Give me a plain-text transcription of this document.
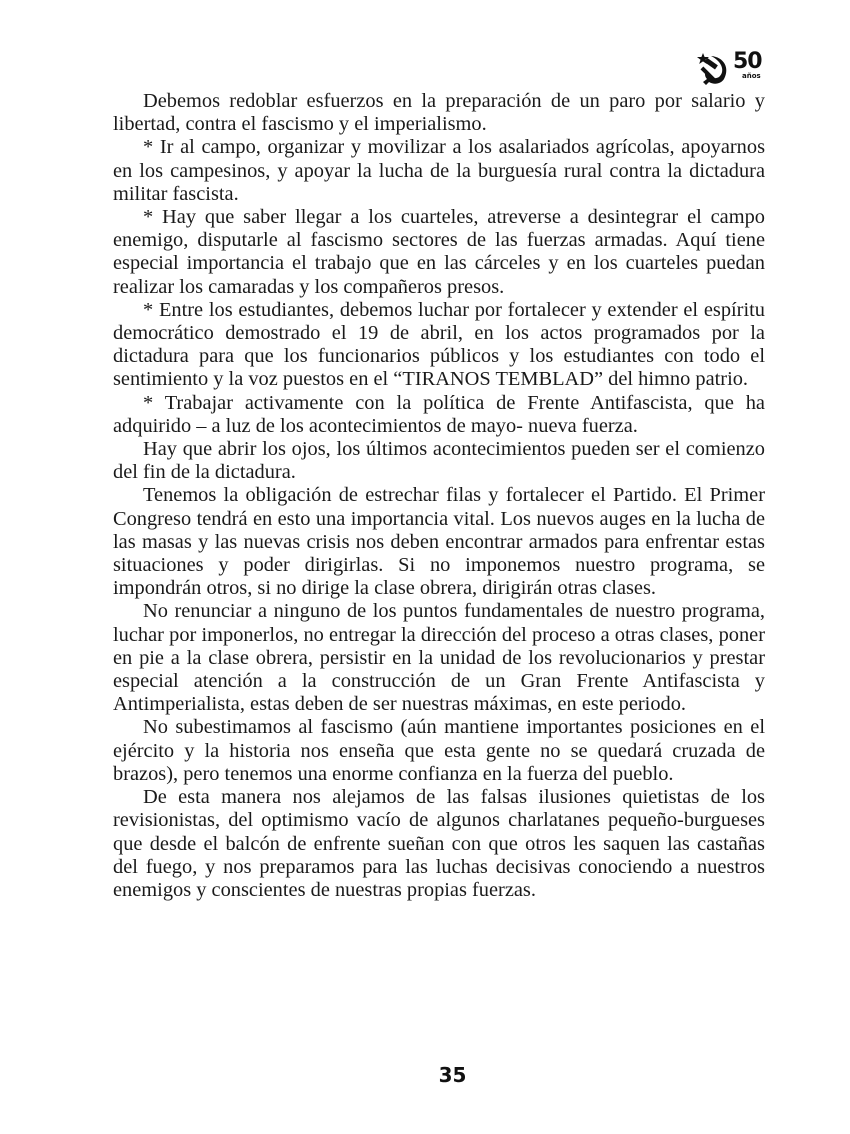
50
años

Debemos redoblar esfuerzos en la preparación de un paro por salario y libertad, contra el fascismo y el imperialismo.

* Ir al campo, organizar y movilizar a los asalariados agrícolas, apoyarnos en los campesinos, y apoyar la lucha de la burguesía rural contra la dictadura militar fascista.

* Hay que saber llegar a los cuarteles, atreverse a desintegrar el campo enemigo, disputarle al fascismo sectores de las fuerzas armadas. Aquí tiene especial importancia el trabajo que en las cárceles y en los cuarteles puedan realizar los camaradas y los compañeros presos.

* Entre los estudiantes, debemos luchar por fortalecer y extender el espíritu democrático demostrado el 19 de abril, en los actos programados por la dictadura para que los funcionarios públicos y los estudiantes con todo el sentimiento y la voz puestos en el “TIRANOS TEMBLAD” del himno patrio.

* Trabajar activamente con la política de Frente Antifascista, que ha adquirido – a luz de los acontecimientos de mayo- nueva fuerza.

Hay que abrir los ojos, los últimos acontecimientos pueden ser el comienzo del fin de la dictadura.

Tenemos la obligación de estrechar filas y fortalecer el Partido. El Primer Congreso tendrá en esto una importancia vital. Los nuevos auges en la lucha de las masas y las nuevas crisis nos deben encontrar armados para enfrentar estas situaciones y poder dirigirlas. Si no imponemos nuestro programa, se impondrán otros, si no dirige la clase obrera, dirigirán otras clases.

No renunciar a ninguno de los puntos fundamentales de nuestro programa, luchar por imponerlos, no entregar la dirección del proceso a otras clases, poner en pie a la clase obrera, persistir en la unidad de los revolucionarios y prestar especial atención a la construcción de un Gran Frente Antifascista y Antimperialista, estas deben de ser nuestras máximas, en este periodo.

No subestimamos al fascismo (aún mantiene importantes posiciones en el ejército y la historia nos enseña que esta gente no se quedará cruzada de brazos), pero tenemos una enorme confianza en la fuerza del pueblo.

De esta manera nos alejamos de las falsas ilusiones quietistas de los revisionistas, del optimismo vacío de algunos charlatanes pequeño-burgueses que desde el balcón de enfrente sueñan con que otros les saquen las castañas del fuego, y nos preparamos para las luchas decisivas conociendo a nuestros enemigos y conscientes de nuestras propias fuerzas.

35
